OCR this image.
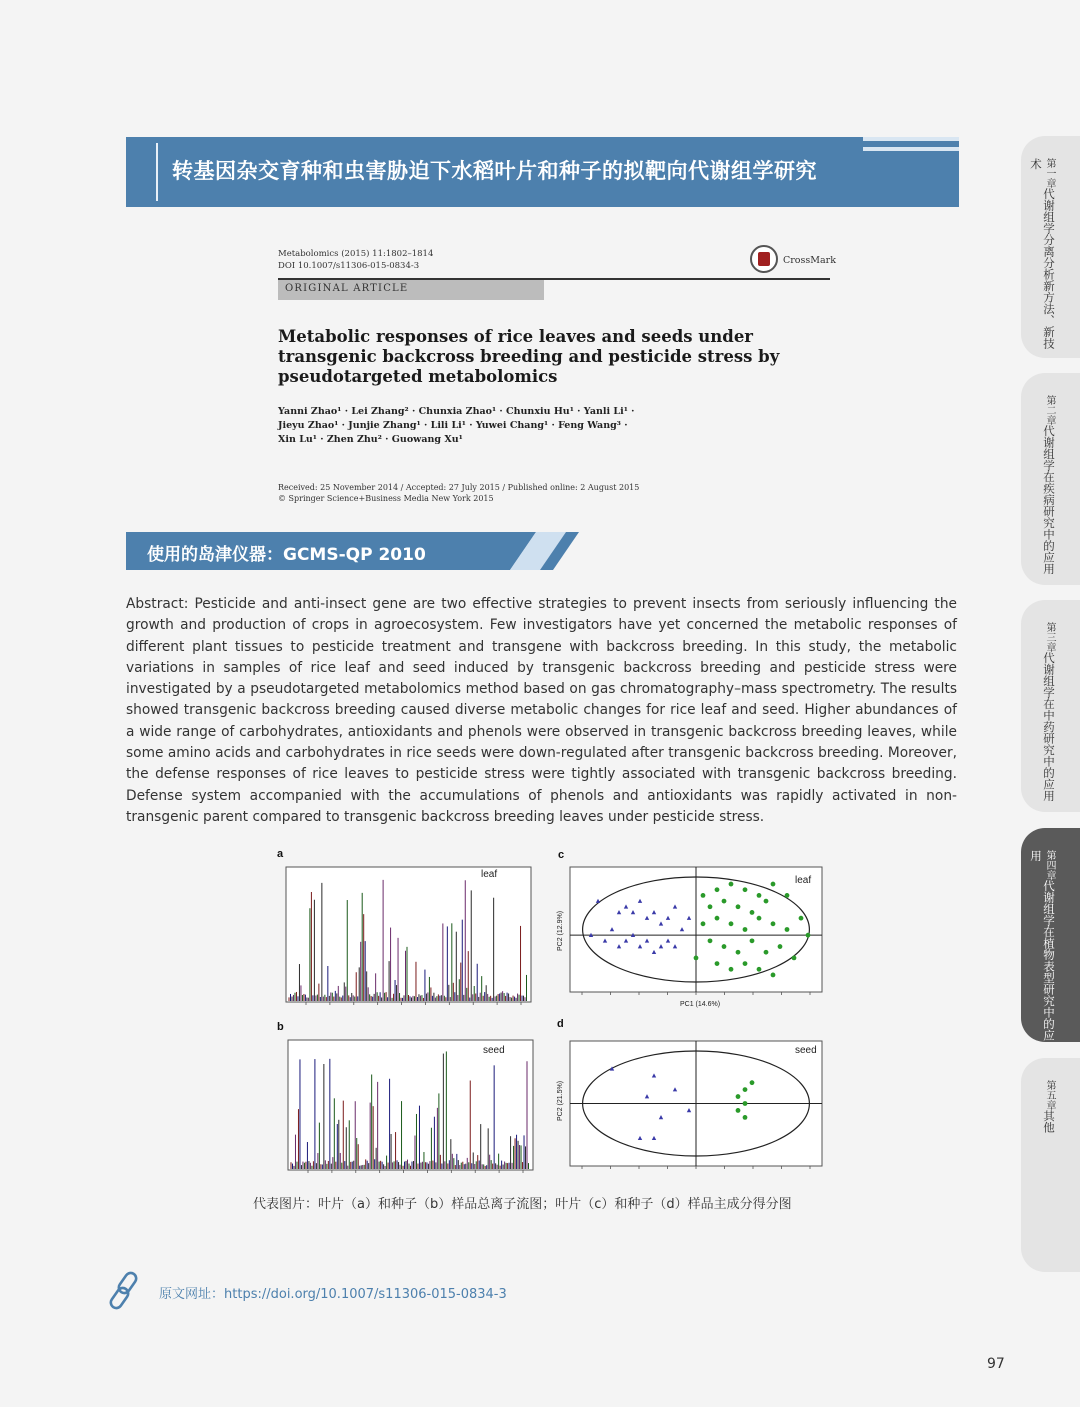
转基因杂交育种和虫害胁迫下水稻叶片和种子的拟靶向代谢组学研究
Metabolomics (2015) 11:1802–1814
DOI 10.1007/s11306-015-0834-3	CrossMark
ORIGINAL ARTICLE
Metabolic responses of rice leaves and seeds under transgenic backcross breeding and pesticide stress by pseudotargeted metabolomics
Yanni Zhao¹ · Lei Zhang² · Chunxia Zhao¹ · Chunxiu Hu¹ · Yanli Li¹ ·
Jieyu Zhao¹ · Junjie Zhang¹ · Lili Li¹ · Yuwei Chang¹ · Feng Wang³ ·
Xin Lu¹ · Zhen Zhu² · Guowang Xu¹
Received: 25 November 2014 / Accepted: 27 July 2015 / Published online: 2 August 2015
© Springer Science+Business Media New York 2015
使用的岛津仪器：GCMS-QP 2010
Abstract: Pesticide and anti-insect gene are two effective strategies to prevent insects from seriously influencing the growth and production of crops in agroecosystem. Few investigators have yet concerned the metabolic responses of different plant tissues to pesticide treatment and transgene with backcross breeding. In this study, the metabolic variations in samples of rice leaf and seed induced by transgenic backcross breeding and pesticide stress were investigated by a pseudotargeted metabolomics method based on gas chromatography–mass spectrometry. The results showed transgenic backcross breeding caused diverse metabolic changes for rice leaf and seed. Higher abundances of a wide range of carbohydrates, antioxidants and phenols were observed in transgenic backcross breeding leaves, while some amino acids and carbohydrates in rice seeds were down-regulated after transgenic backcross breeding. Moreover, the defense responses of rice leaves to pesticide stress were tightly associated with transgenic backcross breeding. Defense system accompanied with the accumulations of phenols and antioxidants was rapidly activated in non-transgenic parent compared to transgenic backcross breeding leaves under pesticide stress.
a
b
c
d
leaf
seed
leaf
seed
PC1 (14.6%)
PC2 (12.9%)
PC2 (21.5%)
代表图片：叶片（a）和种子（b）样品总离子流图；叶片（c）和种子（d）样品主成分得分图
原文网址：https://doi.org/10.1007/s11306-015-0834-3
97
第一章代谢组学分离分析新方法、新技术
第二章代谢组学在疾病研究中的应用
第三章代谢组学在中药研究中的应用
第四章代谢组学在植物表型研究中的应用
第五章其他
